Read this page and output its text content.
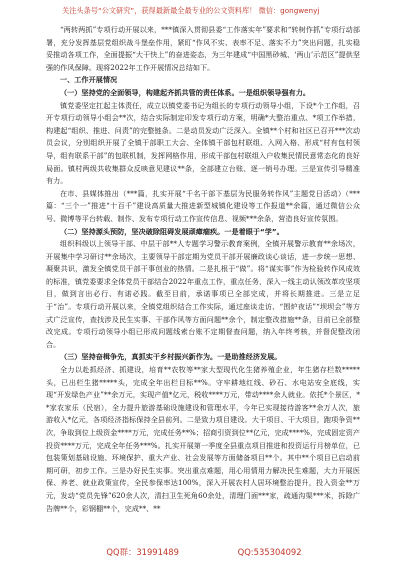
关注头条号“公文研究”，获得最新最全最专业的公文资料库！ 微信：gongwenyj

“两转两抓”专项行动开展以来，***镇深入贯彻县委“工作落实年”要求和“转树作抓”专项行动部署，充分发挥基层党组织战斗堡垒作用，紧盯“作风不实、表率不足、落实不力”突出问题，扎实稳妥推动各项工作，全面提振“大干快上”的奋进姿态，为三年建成“中国黑砂城、‘两山’示范区”提供坚强的作风保障。现将2022年工作开展情况总结如下。

一、工作开展情况

（一）坚持党的全面领导，构建起齐抓共管的责任体系。一是组织领导强有力。

镇党委坚定扛起主体责任，成立以镇党委书记为组长的专项行动领导小组，下设*个工作组，召开专项行动领导小组会**次，结合实际制定印发专项行动方案，明确*大整治重点、*项工作举措，构建起“组织、推进、问责”的完整链条。二是动员发动广泛深入。全镇**个村和社区已召开***次动员会议，分别组织开展了全镇干部职工大会、全体镇干部包村联组、入网入格、形成“村有包村领导，组有联系干部”的包联机制，发挥网格作用，形成干部包村联组入户收集民情民意常态化的良好局面。镇村两级共收集群众反映意见建议**条，全部建立台账、逐一销号办理。三是宣传引导精准有力。

在市、县媒体推出（***篇，扎实开展“千名干部下基层为民服务转作风”主题党日活动）（***篇：“三个一”推进“十百千”建设高质量大推进新型城镇化建设等工作报道**余篇，通过微信公众号、微博等平台转载、制作、发布专项行动工作宣传信息、视频***余条，营造良好宣传氛围。

（二）坚持源头预防，坚决破除阻碍发展顽瘴痼疾。一是着眼于“学”。

组织科级以上领导干部、中层干部**人专题学习警示教育案例，全镇开展警示教育**余场次，开展集中学习研讨**余场次，主要领导干部定期为党员干部开展廉政谈心谈话，进一步统一思想、凝聚共识，激发全镇党员干部干事创业的热情。二是扎根于“做”。将“谋实事”作为检验转作风成效的标准，镇党委要求全体党员干部结合2022年重点工作，重点任务，深入一线主动认领改革攻坚项目，做到言出必行、有诺必践。截至目前，承诺事项已全部完成，并将长期推进。三是立足于“治”。专项行动开展以来，全镇党组织结合工作实际，通过座谈走访、“围炉夜话”“坝坝会”等方式广泛宣传，查找涉及民生实事、干部作风等方面问题**余个，制定整改措施**条，目前已全部整改完成。专项行动领导小组已形成问题线索台账不定期督查问题，纳入年终考核，并督促整改闭合。

（三）坚持奋楫争先，真抓实干乡村振兴新作为。一是助推经济发展。

全力以赴抓经济、抓建设，培育**农牧等**家大型现代化生猪养殖企业，年生猪存栏数*****头，已出栏生猪*****头，完成全年出栏目标**%。守牢耕地红线、砂石、水电站安全底线，实现“开发绿色产业”**余万元，实现产值*亿元，税收****万元，带动****余人就业。依托*个景区，**家农家乐（民宿），全力提升旅游基础设施建设和管理水平，今年已实现接待游客**余万人次，旅游收入*亿元，各项经济指标保持全县前列。二是致力项目建设。大干项目、干大项目，跑项争资**次，争取到位上级资金****万元，完成任务**%；招商引资到位**亿元，完成****%，完成固定资产投资****万元，完成全年任务***%。扎实开展第一季度全县重点项目推进和投资运行月榜单位，已包装策划基础设施、环境保护、重大产业、社会发展等方面储备项目**个。其中**个项目已启动前期可研，初步工作。三是办好民生实事。突出重点难题，用心用情用力解决民生难题，大力开展医保、养老、就业政策宣传，全民参保率达100%，深入开展农村人居环境整治提升，投入资金**万元，发动“党员先锋”620余人次，清扫卫生死角60余处，清理门面***家，疏通沟渠***米，拆除广告牌**个，彩钢棚**个，完成**、**

QQ群：31991489	QQ:535304092
